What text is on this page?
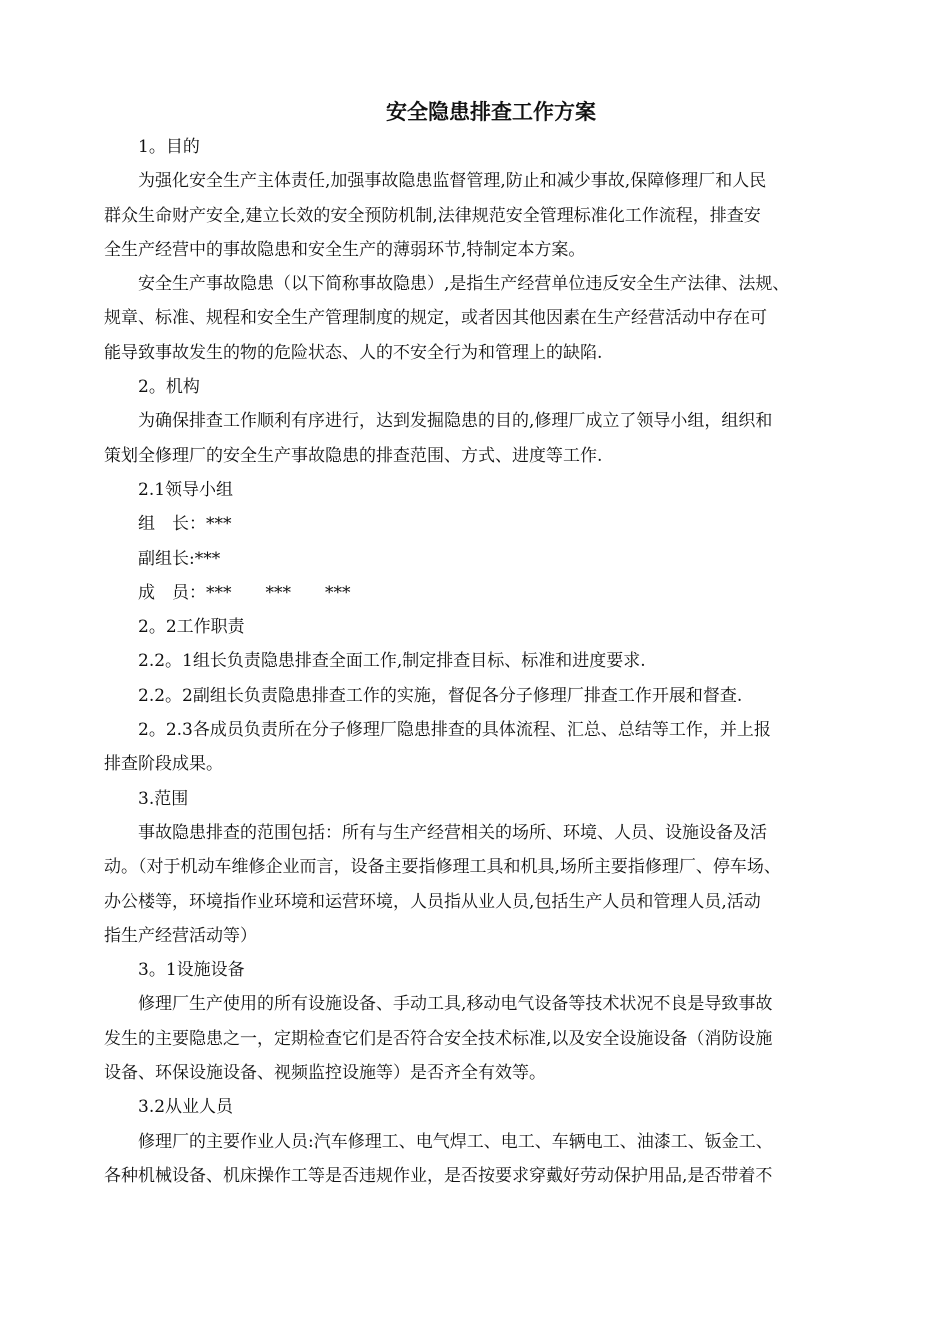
安全隐患排查工作方案
1。目的
为强化安全生产主体责任,加强事故隐患监督管理,防止和减少事故,保障修理厂和人民
群众生命财产安全,建立长效的安全预防机制,法律规范安全管理标准化工作流程，排查安
全生产经营中的事故隐患和安全生产的薄弱环节,特制定本方案。
安全生产事故隐患（以下简称事故隐患）,是指生产经营单位违反安全生产法律、法规、
规章、标准、规程和安全生产管理制度的规定，或者因其他因素在生产经营活动中存在可
能导致事故发生的物的危险状态、人的不安全行为和管理上的缺陷.
2。机构
为确保排查工作顺利有序进行，达到发掘隐患的目的,修理厂成立了领导小组，组织和
策划全修理厂的安全生产事故隐患的排查范围、方式、进度等工作.
2.1领导小组
组　长：***
副组长:***
成　员：***　　***　　***
2。2工作职责
2.2。1组长负责隐患排查全面工作,制定排查目标、标准和进度要求.
2.2。2副组长负责隐患排查工作的实施，督促各分子修理厂排查工作开展和督查.
2。2.3各成员负责所在分子修理厂隐患排查的具体流程、汇总、总结等工作，并上报
排查阶段成果。
3.范围
事故隐患排查的范围包括：所有与生产经营相关的场所、环境、人员、设施设备及活
动。（对于机动车维修企业而言，设备主要指修理工具和机具,场所主要指修理厂、停车场、
办公楼等，环境指作业环境和运营环境，人员指从业人员,包括生产人员和管理人员,活动
指生产经营活动等）
3。1设施设备
修理厂生产使用的所有设施设备、手动工具,移动电气设备等技术状况不良是导致事故
发生的主要隐患之一，定期检查它们是否符合安全技术标准,以及安全设施设备（消防设施
设备、环保设施设备、视频监控设施等）是否齐全有效等。
3.2从业人员
修理厂的主要作业人员:汽车修理工、电气焊工、电工、车辆电工、油漆工、钣金工、
各种机械设备、机床操作工等是否违规作业，是否按要求穿戴好劳动保护用品,是否带着不
